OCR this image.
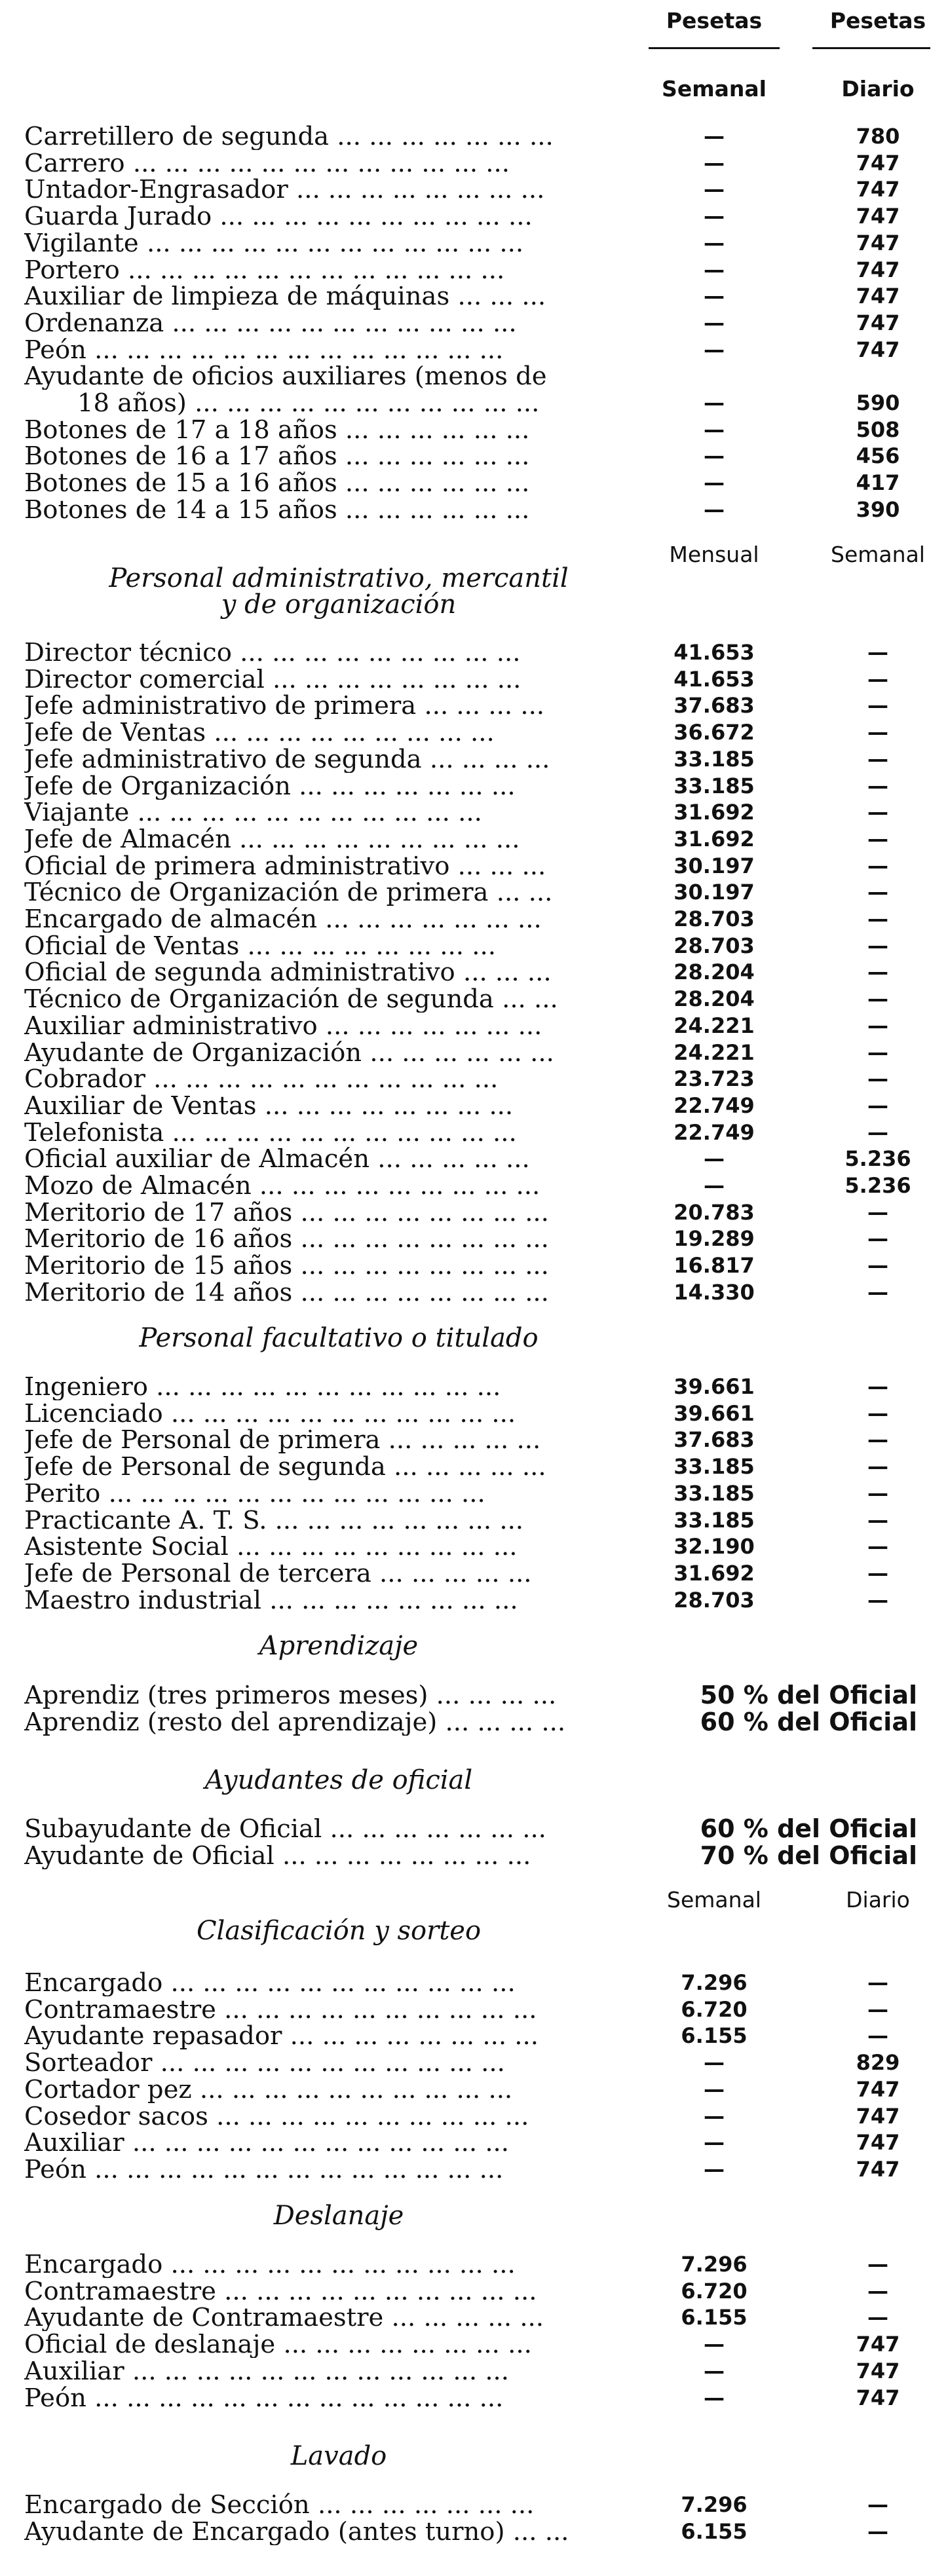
Pesetas	Pesetas
Semanal	Diario
Carretillero de segunda ... ... ... ... ... ... ...	—	780
Carrero ... ... ... ... ... ... ... ... ... ... ... ...	—	747
Untador-Engrasador ... ... ... ... ... ... ... ...	—	747
Guarda Jurado ... ... ... ... ... ... ... ... ... ...	—	747
Vigilante ... ... ... ... ... ... ... ... ... ... ... ...	—	747
Portero ... ... ... ... ... ... ... ... ... ... ... ...	—	747
Auxiliar de limpieza de máquinas ... ... ...	—	747
Ordenanza ... ... ... ... ... ... ... ... ... ... ...	—	747
Peón ... ... ... ... ... ... ... ... ... ... ... ... ...	—	747
Ayudante de oficios auxiliares (menos de
18 años) ... ... ... ... ... ... ... ... ... ... ...	—	590
Botones de 17 a 18 años ... ... ... ... ... ...	—	508
Botones de 16 a 17 años ... ... ... ... ... ...	—	456
Botones de 15 a 16 años ... ... ... ... ... ...	—	417
Botones de 14 a 15 años ... ... ... ... ... ...	—	390
Mensual	Semanal
Personal administrativo, mercantil
y de organización
Director técnico ... ... ... ... ... ... ... ... ...	41.653	—
Director comercial ... ... ... ... ... ... ... ...	41.653	—
Jefe administrativo de primera ... ... ... ...	37.683	—
Jefe de Ventas ... ... ... ... ... ... ... ... ...	36.672	—
Jefe administrativo de segunda ... ... ... ...	33.185	—
Jefe de Organización ... ... ... ... ... ... ...	33.185	—
Viajante ... ... ... ... ... ... ... ... ... ... ...	31.692	—
Jefe de Almacén ... ... ... ... ... ... ... ... ...	31.692	—
Oficial de primera administrativo ... ... ...	30.197	—
Técnico de Organización de primera ... ...	30.197	—
Encargado de almacén ... ... ... ... ... ... ...	28.703	—
Oficial de Ventas ... ... ... ... ... ... ... ...	28.703	—
Oficial de segunda administrativo ... ... ...	28.204	—
Técnico de Organización de segunda ... ...	28.204	—
Auxiliar administrativo ... ... ... ... ... ... ...	24.221	—
Ayudante de Organización ... ... ... ... ... ...	24.221	—
Cobrador ... ... ... ... ... ... ... ... ... ... ...	23.723	—
Auxiliar de Ventas ... ... ... ... ... ... ... ...	22.749	—
Telefonista ... ... ... ... ... ... ... ... ... ... ...	22.749	—
Oficial auxiliar de Almacén ... ... ... ... ...	—	5.236
Mozo de Almacén ... ... ... ... ... ... ... ... ...	—	5.236
Meritorio de 17 años ... ... ... ... ... ... ... ...	20.783	—
Meritorio de 16 años ... ... ... ... ... ... ... ...	19.289	—
Meritorio de 15 años ... ... ... ... ... ... ... ...	16.817	—
Meritorio de 14 años ... ... ... ... ... ... ... ...	14.330	—
Personal facultativo o titulado
Ingeniero ... ... ... ... ... ... ... ... ... ... ...	39.661	—
Licenciado ... ... ... ... ... ... ... ... ... ... ...	39.661	—
Jefe de Personal de primera ... ... ... ... ...	37.683	—
Jefe de Personal de segunda ... ... ... ... ...	33.185	—
Perito ... ... ... ... ... ... ... ... ... ... ... ...	33.185	—
Practicante A. T. S. ... ... ... ... ... ... ... ...	33.185	—
Asistente Social ... ... ... ... ... ... ... ... ...	32.190	—
Jefe de Personal de tercera ... ... ... ... ...	31.692	—
Maestro industrial ... ... ... ... ... ... ... ...	28.703	—
Aprendizaje
Aprendiz (tres primeros meses) ... ... ... ...	50 % del Oficial
Aprendiz (resto del aprendizaje) ... ... ... ...	60 % del Oficial
Ayudantes de oficial
Subayudante de Oficial ... ... ... ... ... ... ...	60 % del Oficial
Ayudante de Oficial ... ... ... ... ... ... ... ...	70 % del Oficial
Semanal	Diario
Clasificación y sorteo
Encargado ... ... ... ... ... ... ... ... ... ... ...	7.296	—
Contramaestre ... ... ... ... ... ... ... ... ... ...	6.720	—
Ayudante repasador ... ... ... ... ... ... ... ...	6.155	—
Sorteador ... ... ... ... ... ... ... ... ... ... ...	—	829
Cortador pez ... ... ... ... ... ... ... ... ... ...	—	747
Cosedor sacos ... ... ... ... ... ... ... ... ... ...	—	747
Auxiliar ... ... ... ... ... ... ... ... ... ... ... ...	—	747
Peón ... ... ... ... ... ... ... ... ... ... ... ... ...	—	747
Deslanaje
Encargado ... ... ... ... ... ... ... ... ... ... ...	7.296	—
Contramaestre ... ... ... ... ... ... ... ... ... ...	6.720	—
Ayudante de Contramaestre ... ... ... ... ...	6.155	—
Oficial de deslanaje ... ... ... ... ... ... ... ...	—	747
Auxiliar ... ... ... ... ... ... ... ... ... ... ... ...	—	747
Peón ... ... ... ... ... ... ... ... ... ... ... ... ...	—	747
Lavado
Encargado de Sección ... ... ... ... ... ... ...	7.296	—
Ayudante de Encargado (antes turno) ... ...	6.155	—
